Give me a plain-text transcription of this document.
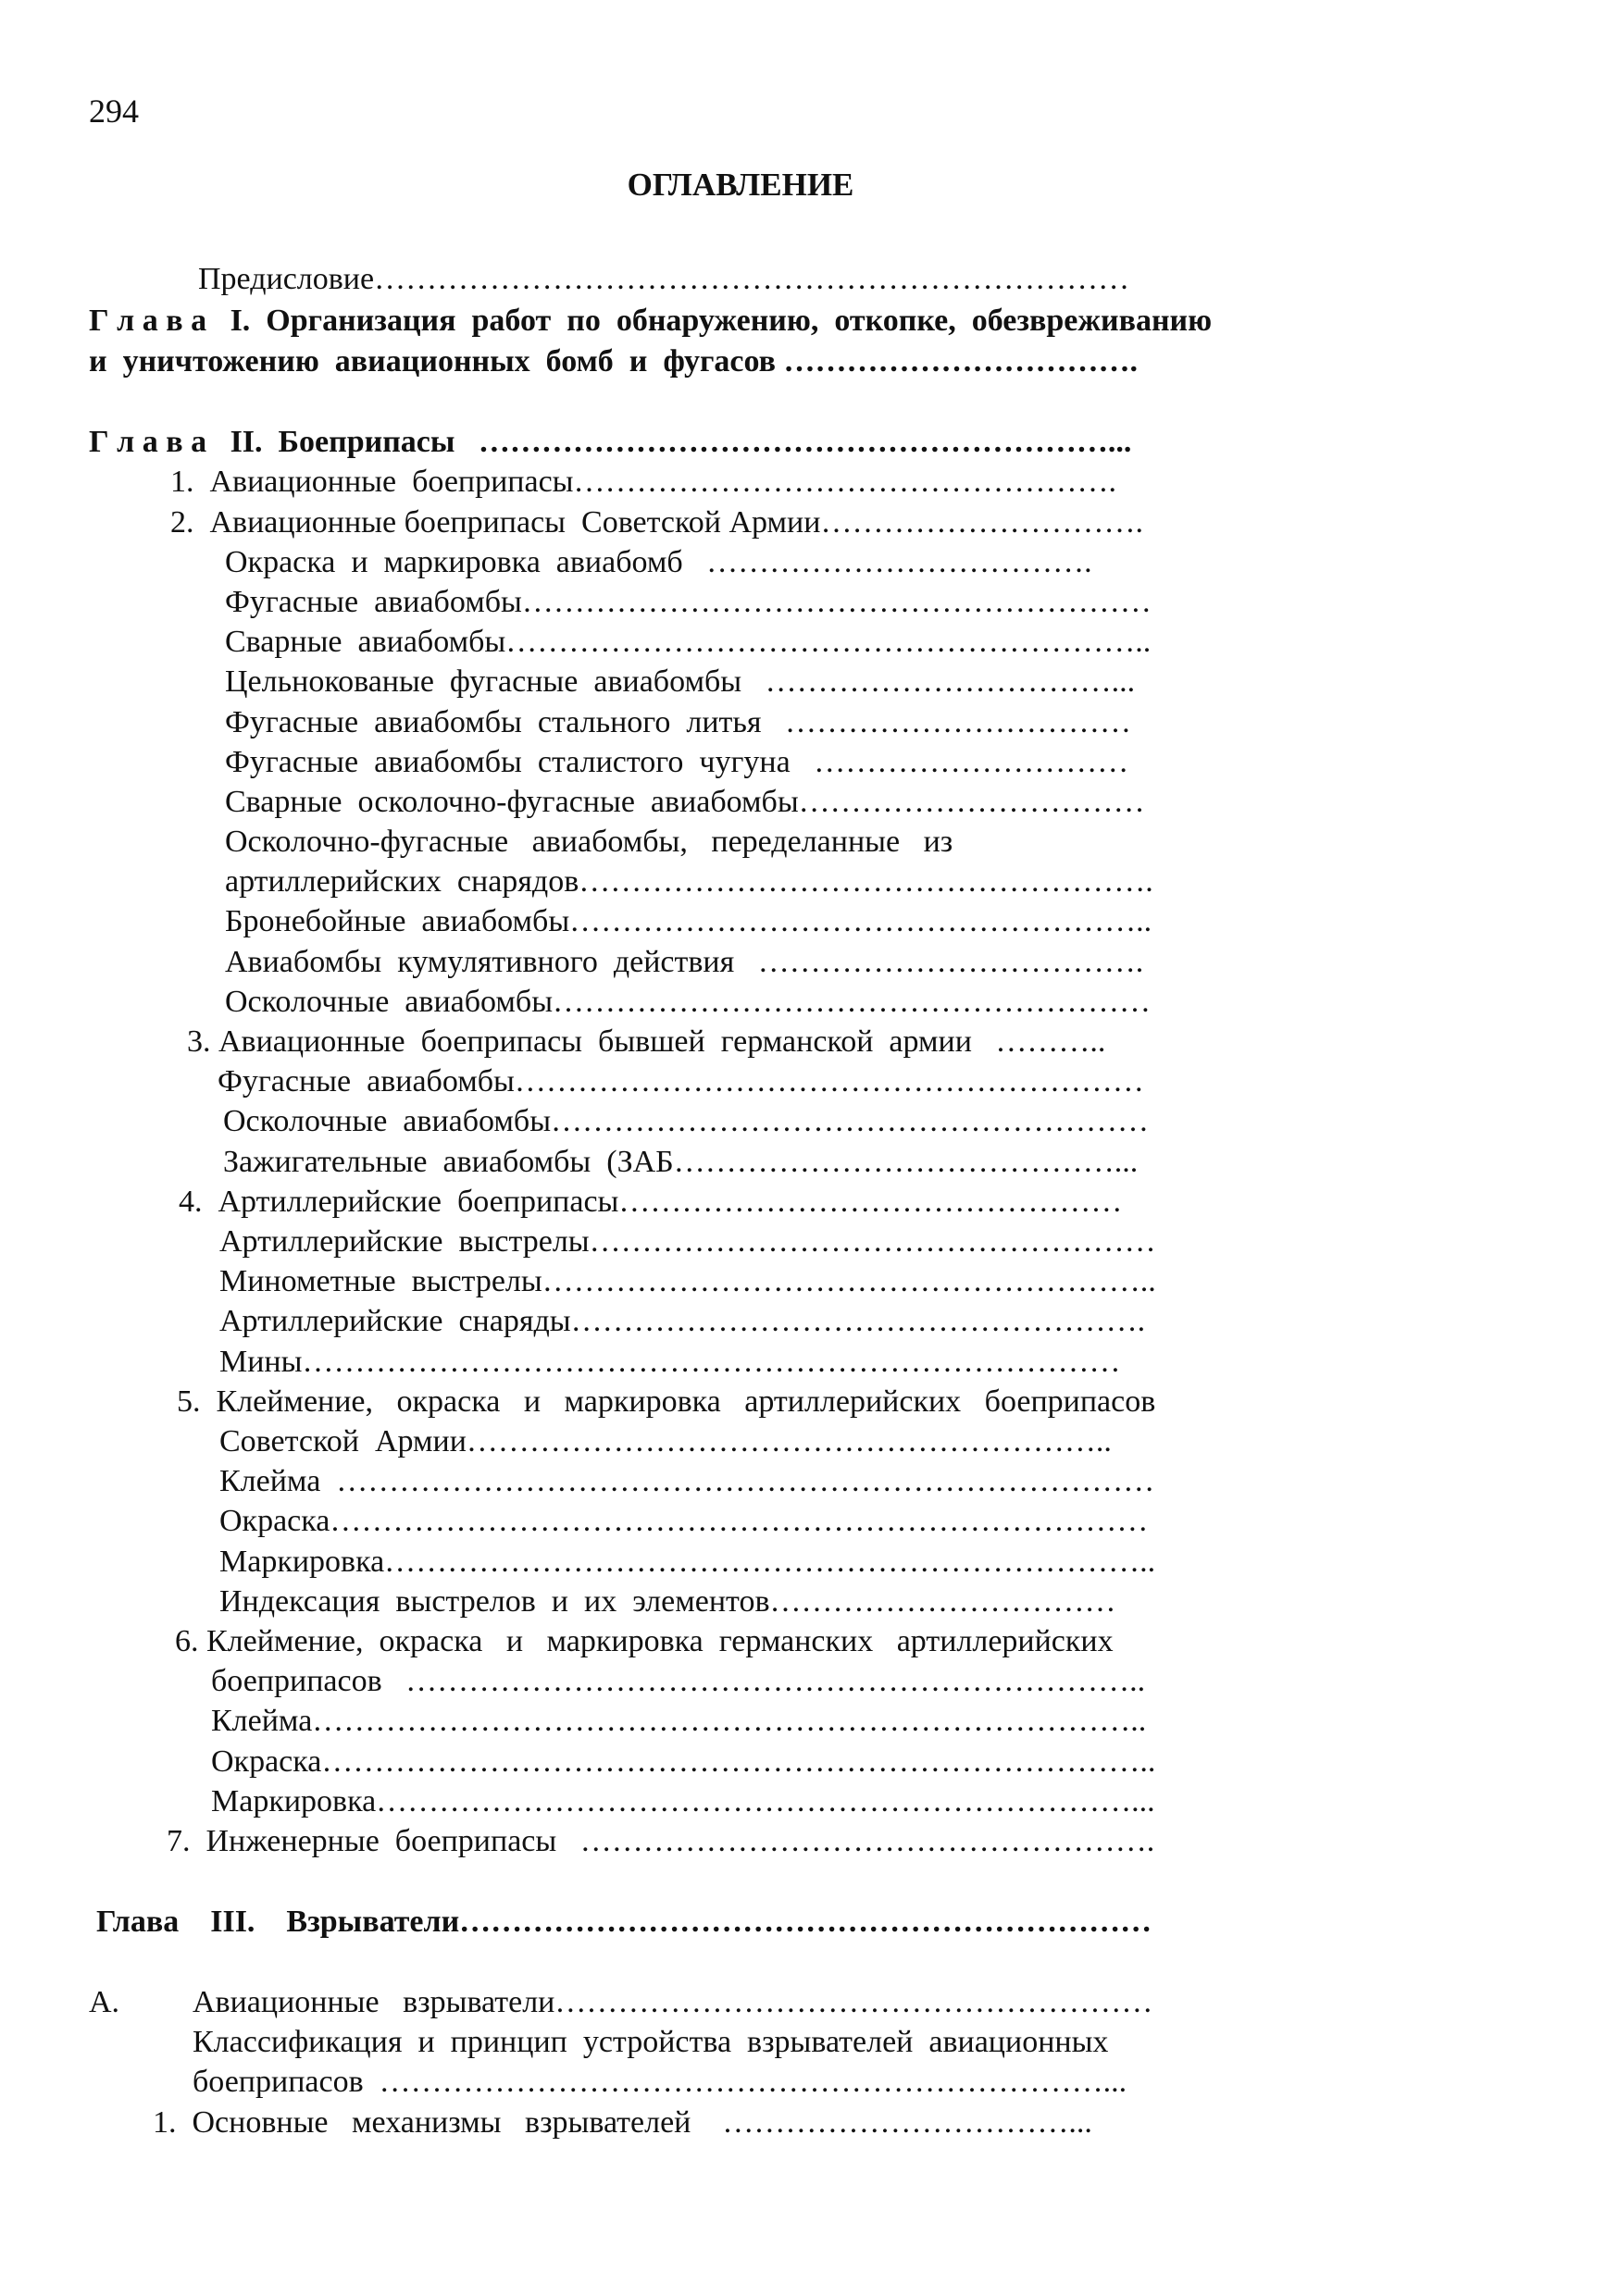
294
ОГЛАВЛЕНИЕ
Предисловие………………………………………………………………
Г л а в а   I.  Организация  работ  по  обнаружению,  откопке,  обезвреживанию
и  уничтожению  авиационных  бомб  и  фугасов …………………………….
Г л а в а   II.  Боеприпасы   ……………………………………………………...
1.  Авиационные  боеприпасы…………………………………………….
2.  Авиационные боеприпасы  Советской Армии………………………….
Окраска  и  маркировка  авиабомб   ……………………………….
Фугасные  авиабомбы……………………………………………………
Сварные  авиабомбы……………………………………………………..
Цельнокованые  фугасные  авиабомбы   ……………………………...
Фугасные  авиабомбы  стального  литья   ……………………………
Фугасные  авиабомбы  сталистого  чугуна   …………………………
Сварные  осколочно-фугасные  авиабомбы……………………………
Осколочно-фугасные   авиабомбы,   переделанные   из
артиллерийских  снарядов……………………………………………….
Бронебойные  авиабомбы………………………………………………..
Авиабомбы  кумулятивного  действия   ……………………………….
Осколочные  авиабомбы…………………………………………………
3. Авиационные  боеприпасы  бывшей  германской  армии   ………..
Фугасные  авиабомбы……………………………………………………
Осколочные  авиабомбы…………………………………………………
Зажигательные  авиабомбы  (ЗАБ……………………………………...
4.  Артиллерийские  боеприпасы…………………………………………
Артиллерийские  выстрелы………………………………………………
Минометные  выстрелы…………………………………………………..
Артиллерийские  снаряды……………………………………………….
Мины……………………………………………………………………
5.  Клеймение,   окраска   и   маркировка   артиллерийских   боеприпасов
Советской  Армии……………………………………………………..
Клейма  ……………………………………………………………………
Окраска……………………………………………………………………
Маркировка………………………………………………………………..
Индексация  выстрелов  и  их  элементов……………………………
6. Клеймение,  окраска   и   маркировка  германских   артиллерийских
боеприпасов   ……………………………………………………………..
Клейма……………………………………………………………………..
Окраска……………………………………………………………………..
Маркировка………………………………………………………………...
7.  Инженерные  боеприпасы   ……………………………………………….
Глава    III.    Взрыватели…………………………………………………………
А. Авиационные   взрыватели…………………………………………………
Классификация  и  принцип  устройства  взрывателей  авиационных
боеприпасов  ……………………………………………………………...
1.  Основные   механизмы   взрывателей    ……………………………...
